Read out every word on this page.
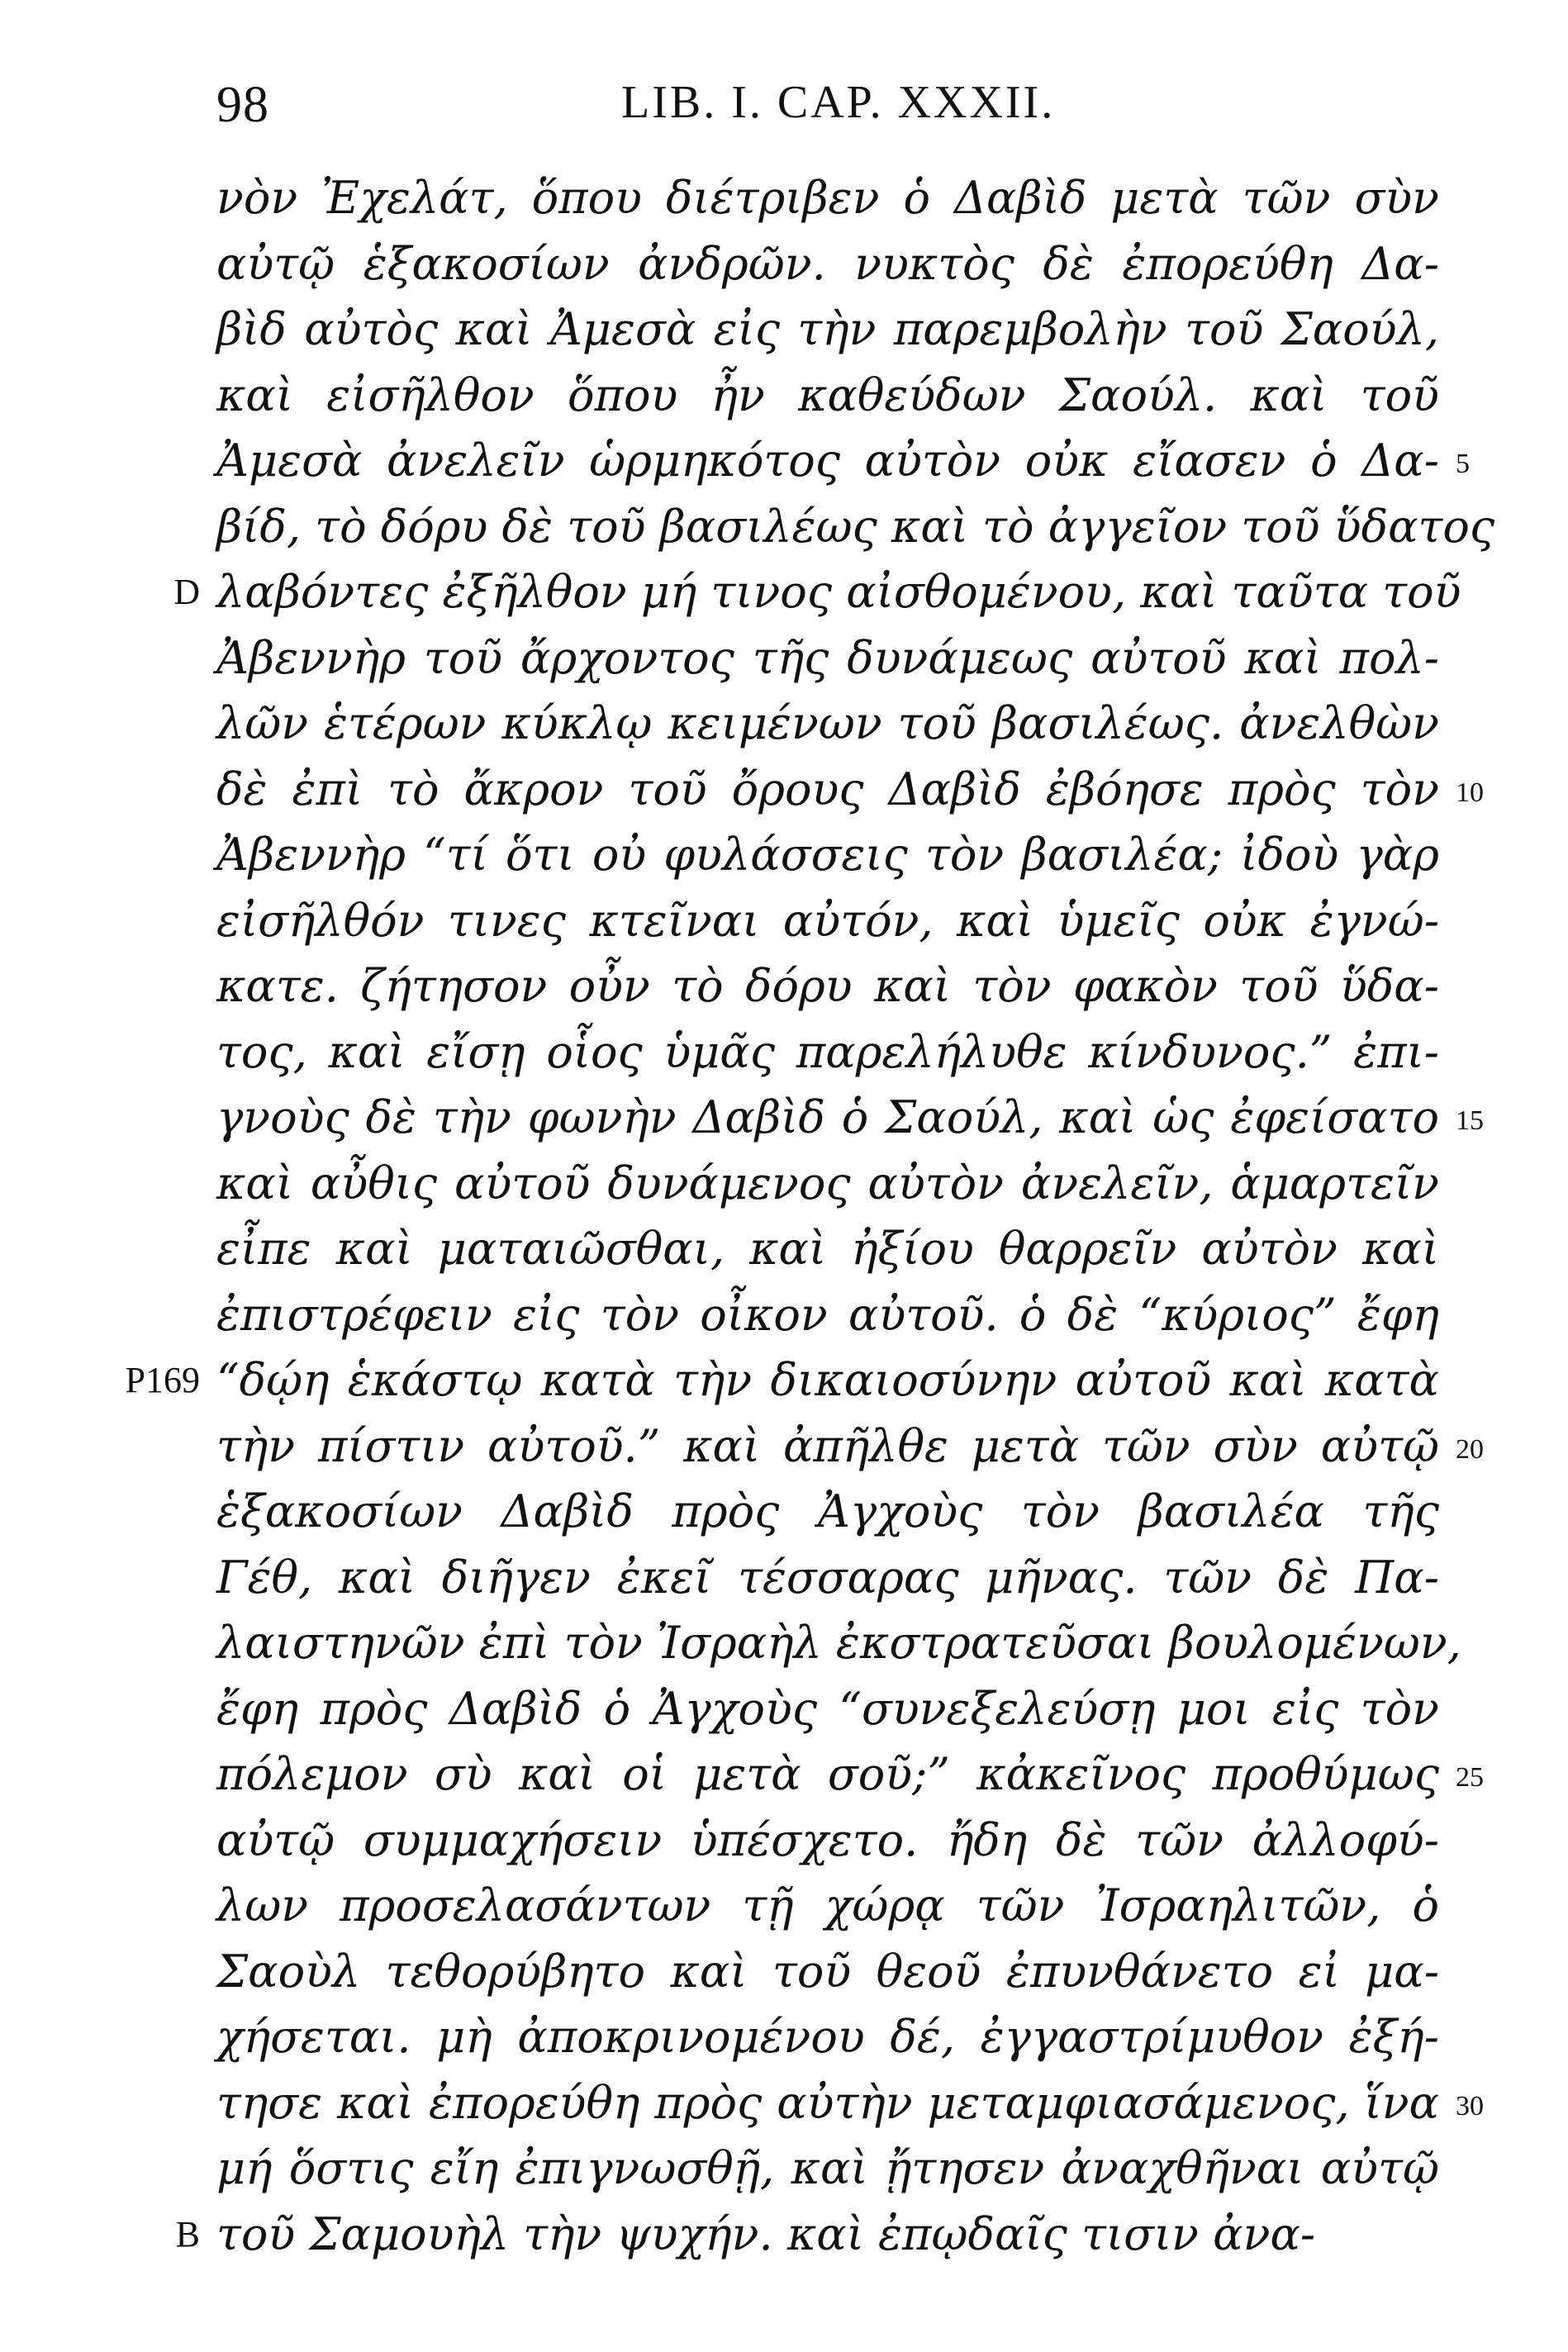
98	LIB. I. CAP. XXXII.
νὸν Ἐχελάτ, ὅπου διέτριβεν ὁ Δαβὶδ μετὰ τῶν σὺν
αὐτῷ ἑξακοσίων ἀνδρῶν. νυκτὸς δὲ ἐπορεύθη Δα-
βὶδ αὐτὸς καὶ Ἀμεσὰ εἰς τὴν παρεμβολὴν τοῦ Σαούλ,
καὶ εἰσῆλθον ὅπου ἦν καθεύδων Σαούλ. καὶ τοῦ
Ἀμεσὰ ἀνελεῖν ὡρμηκότος αὐτὸν οὐκ εἴασεν ὁ Δα- 5
βίδ, τὸ δόρυ δὲ τοῦ βασιλέως καὶ τὸ ἀγγεῖον τοῦ ὕδατος
λαβόντες ἐξῆλθον μή τινος αἰσθομένου, καὶ ταῦτα τοῦ
D
Ἀβεννὴρ τοῦ ἄρχοντος τῆς δυνάμεως αὐτοῦ καὶ πολ-
λῶν ἑτέρων κύκλῳ κειμένων τοῦ βασιλέως. ἀνελθὼν
δὲ ἐπὶ τὸ ἄκρον τοῦ ὄρους Δαβὶδ ἐβόησε πρὸς τὸν 10
Ἀβεννὴρ “τί ὅτι οὐ φυλάσσεις τὸν βασιλέα; ἰδοὺ γὰρ
εἰσῆλθόν τινες κτεῖναι αὐτόν, καὶ ὑμεῖς οὐκ ἐγνώ-
κατε. ζήτησον οὖν τὸ δόρυ καὶ τὸν φακὸν τοῦ ὕδα-
τος, καὶ εἴσῃ οἷος ὑμᾶς παρελήλυθε κίνδυνος.” ἐπι-
γνοὺς δὲ τὴν φωνὴν Δαβὶδ ὁ Σαούλ, καὶ ὡς ἐφείσατο 15
καὶ αὖθις αὐτοῦ δυνάμενος αὐτὸν ἀνελεῖν, ἁμαρτεῖν
εἶπε καὶ ματαιῶσθαι, καὶ ἠξίου θαρρεῖν αὐτὸν καὶ
ἐπιστρέφειν εἰς τὸν οἶκον αὐτοῦ. ὁ δὲ “κύριος” ἔφη
“δῴη ἑκάστῳ κατὰ τὴν δικαιοσύνην αὐτοῦ καὶ κατὰ
P169
τὴν πίστιν αὐτοῦ.” καὶ ἀπῆλθε μετὰ τῶν σὺν αὐτῷ 20
ἑξακοσίων Δαβὶδ πρὸς Ἀγχοὺς τὸν βασιλέα τῆς
Γέθ, καὶ διῆγεν ἐκεῖ τέσσαρας μῆνας. τῶν δὲ Πα-
λαιστηνῶν ἐπὶ τὸν Ἰσραὴλ ἐκστρατεῦσαι βουλομένων,
ἔφη πρὸς Δαβὶδ ὁ Ἀγχοὺς “συνεξελεύσῃ μοι εἰς τὸν
πόλεμον σὺ καὶ οἱ μετὰ σοῦ;” κἀκεῖνος προθύμως 25
αὐτῷ συμμαχήσειν ὑπέσχετο. ἤδη δὲ τῶν ἀλλοφύ-
λων προσελασάντων τῇ χώρᾳ τῶν Ἰσραηλιτῶν, ὁ
Σαοὺλ τεθορύβητο καὶ τοῦ θεοῦ ἐπυνθάνετο εἰ μα-
χήσεται. μὴ ἀποκρινομένου δέ, ἐγγαστρίμυθον ἐξή-
τησε καὶ ἐπορεύθη πρὸς αὐτὴν μεταμφιασάμενος, ἵνα 30
μή ὅστις εἴη ἐπιγνωσθῇ, καὶ ᾔτησεν ἀναχθῆναι αὐτῷ
τοῦ Σαμουὴλ τὴν ψυχήν. καὶ ἐπῳδαῖς τισιν ἀνα-
B
